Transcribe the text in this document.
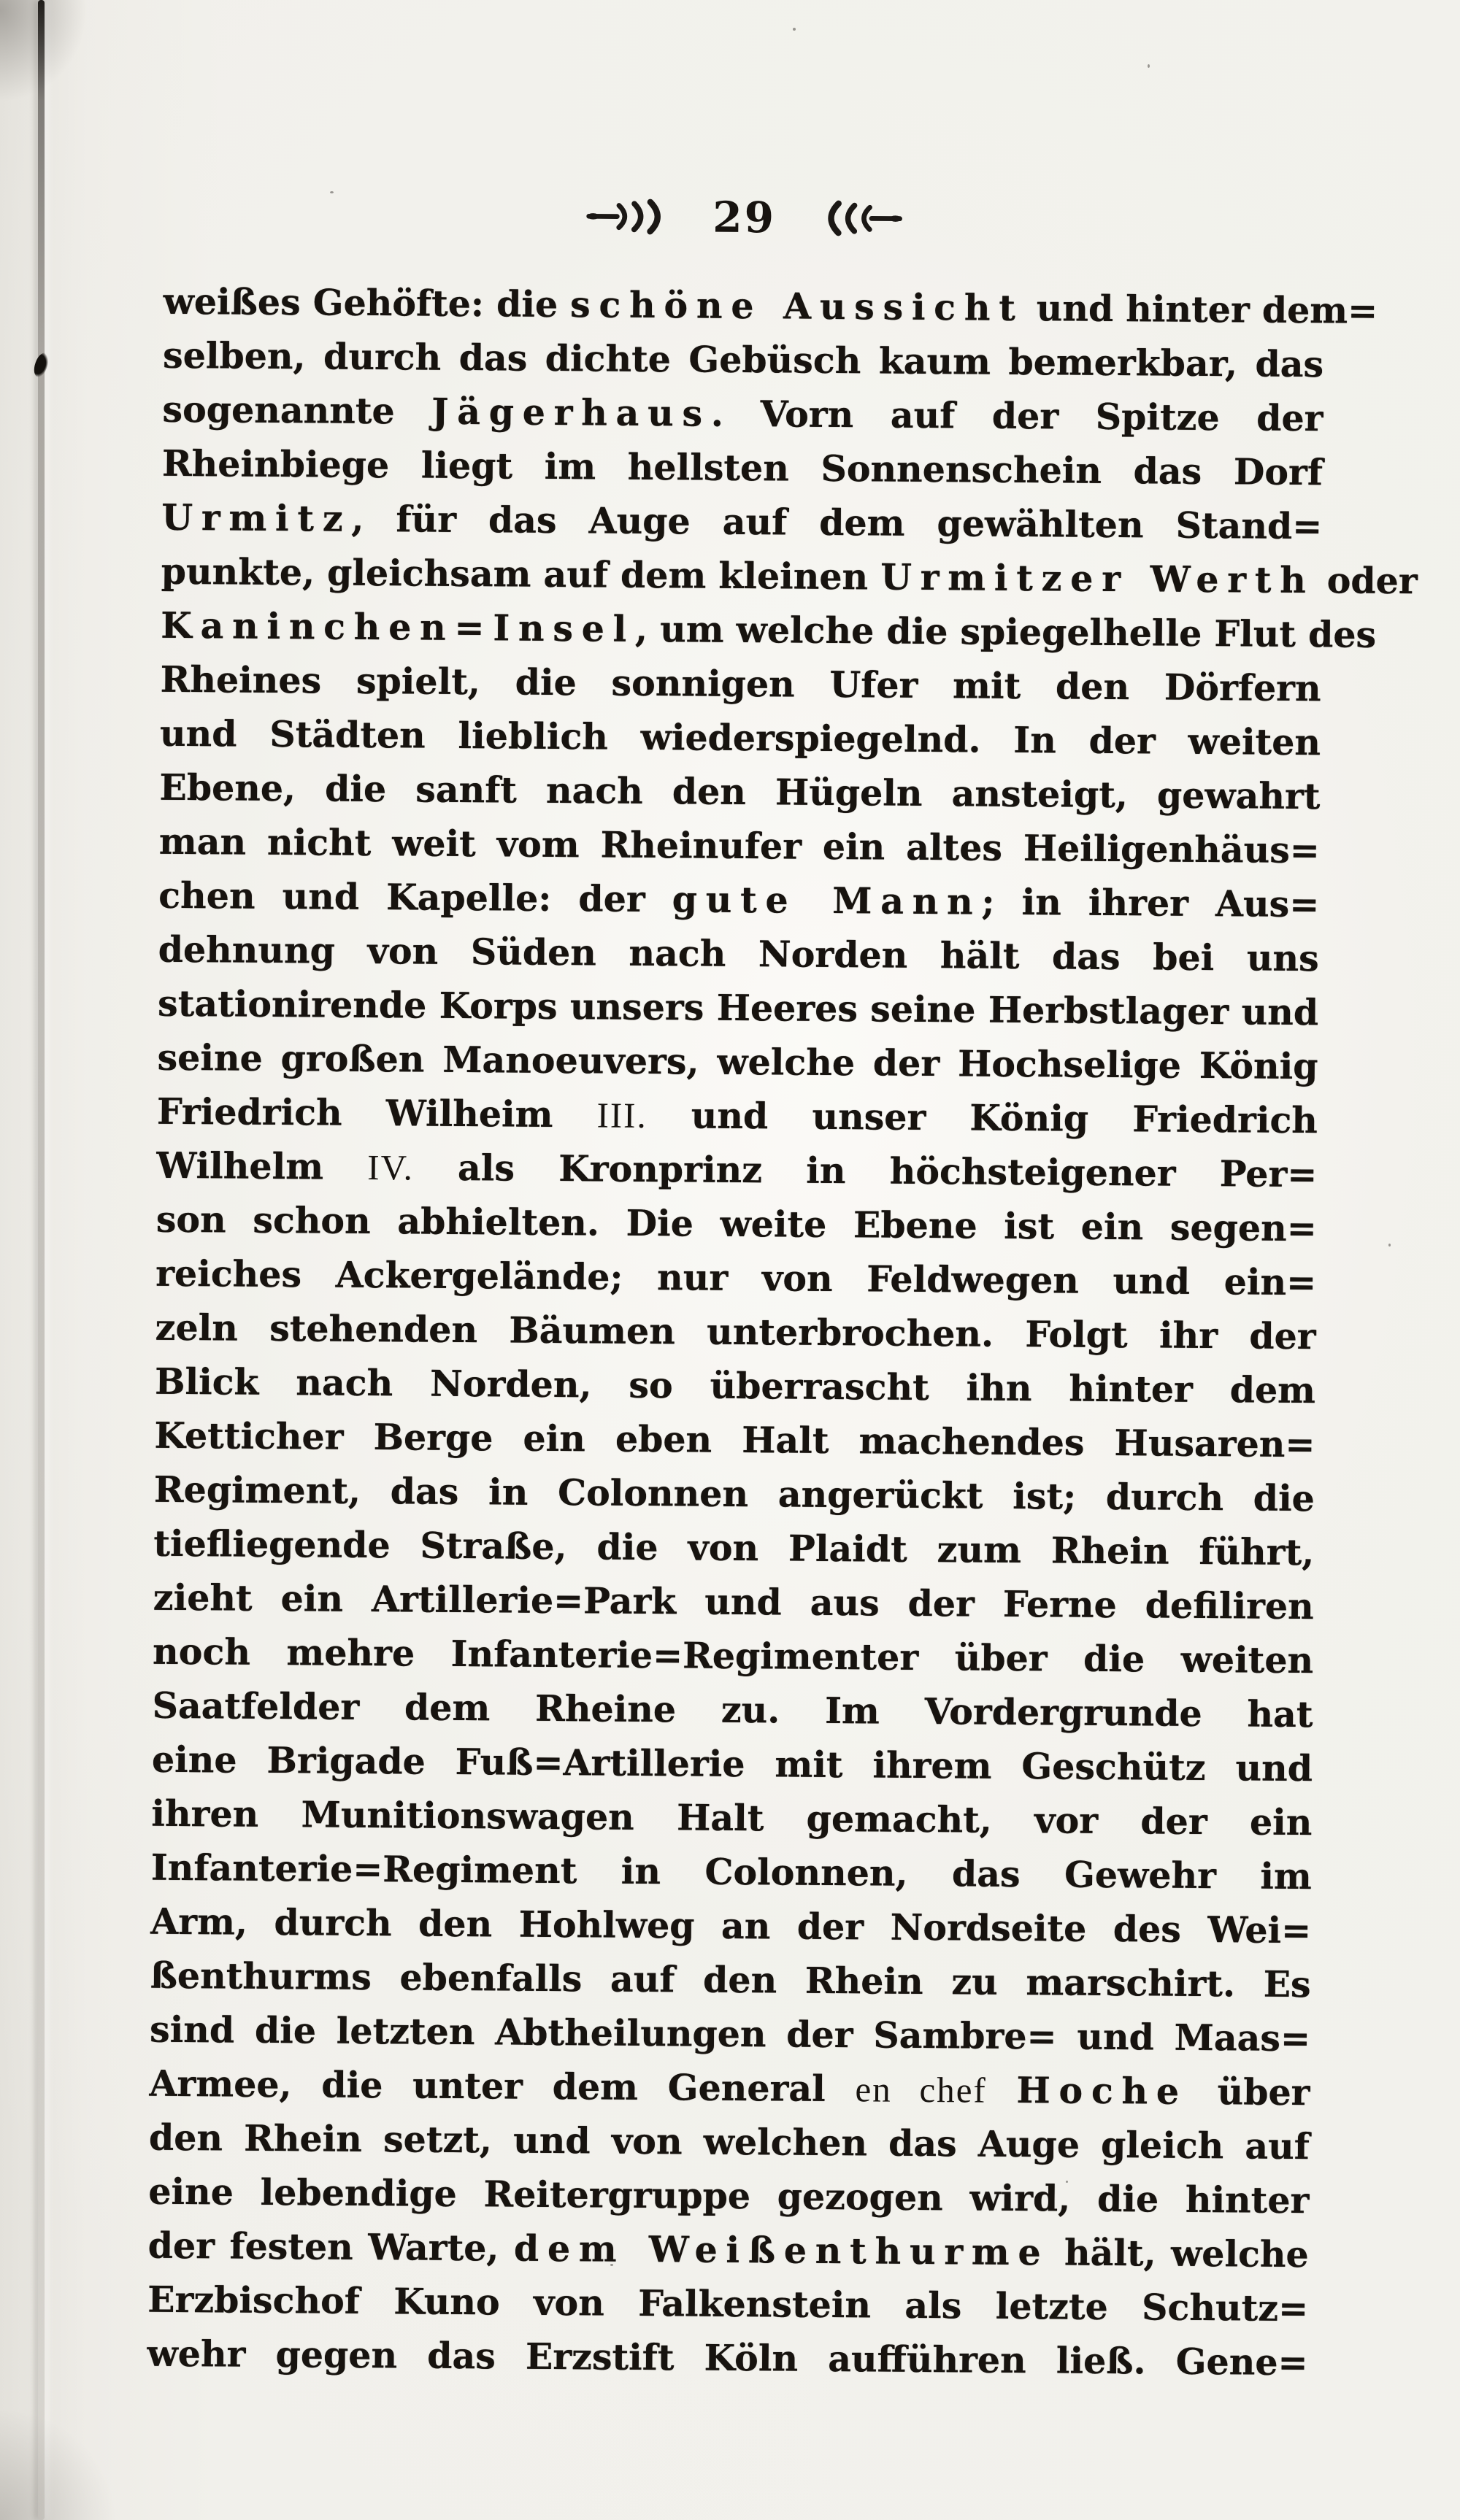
29
weißes Gehöfte: die schöne Aussicht und hinter dem=
selben, durch das dichte Gebüsch kaum bemerkbar, das
sogenannte Jägerhaus. Vorn auf der Spitze der
Rheinbiege liegt im hellsten Sonnenschein das Dorf
Urmitz, für das Auge auf dem gewählten Stand=
punkte, gleichsam auf dem kleinen Urmitzer Werth oder
Kaninchen=Insel, um welche die spiegelhelle Flut des
Rheines spielt, die sonnigen Ufer mit den Dörfern
und Städten lieblich wiederspiegelnd. In der weiten
Ebene, die sanft nach den Hügeln ansteigt, gewahrt
man nicht weit vom Rheinufer ein altes Heiligenhäus=
chen und Kapelle: der gute Mann; in ihrer Aus=
dehnung von Süden nach Norden hält das bei uns
stationirende Korps unsers Heeres seine Herbstlager und
seine großen Manoeuvers, welche der Hochselige König
Friedrich Wilheim III. und unser König Friedrich
Wilhelm IV. als Kronprinz in höchsteigener Per=
son schon abhielten. Die weite Ebene ist ein segen=
reiches Ackergelände; nur von Feldwegen und ein=
zeln stehenden Bäumen unterbrochen. Folgt ihr der
Blick nach Norden, so überrascht ihn hinter dem
Ketticher Berge ein eben Halt machendes Husaren=
Regiment, das in Colonnen angerückt ist; durch die
tiefliegende Straße, die von Plaidt zum Rhein führt,
zieht ein Artillerie=Park und aus der Ferne defiliren
noch mehre Infanterie=Regimenter über die weiten
Saatfelder dem Rheine zu. Im Vordergrunde hat
eine Brigade Fuß=Artillerie mit ihrem Geschütz und
ihren Munitionswagen Halt gemacht, vor der ein
Infanterie=Regiment in Colonnen, das Gewehr im
Arm, durch den Hohlweg an der Nordseite des Wei=
ßenthurms ebenfalls auf den Rhein zu marschirt. Es
sind die letzten Abtheilungen der Sambre= und Maas=
Armee, die unter dem General en chef Hoche über
den Rhein setzt, und von welchen das Auge gleich auf
eine lebendige Reitergruppe gezogen wird, die hinter
der festen Warte, dem Weißenthurme hält, welche
Erzbischof Kuno von Falkenstein als letzte Schutz=
wehr gegen das Erzstift Köln aufführen ließ. Gene=
